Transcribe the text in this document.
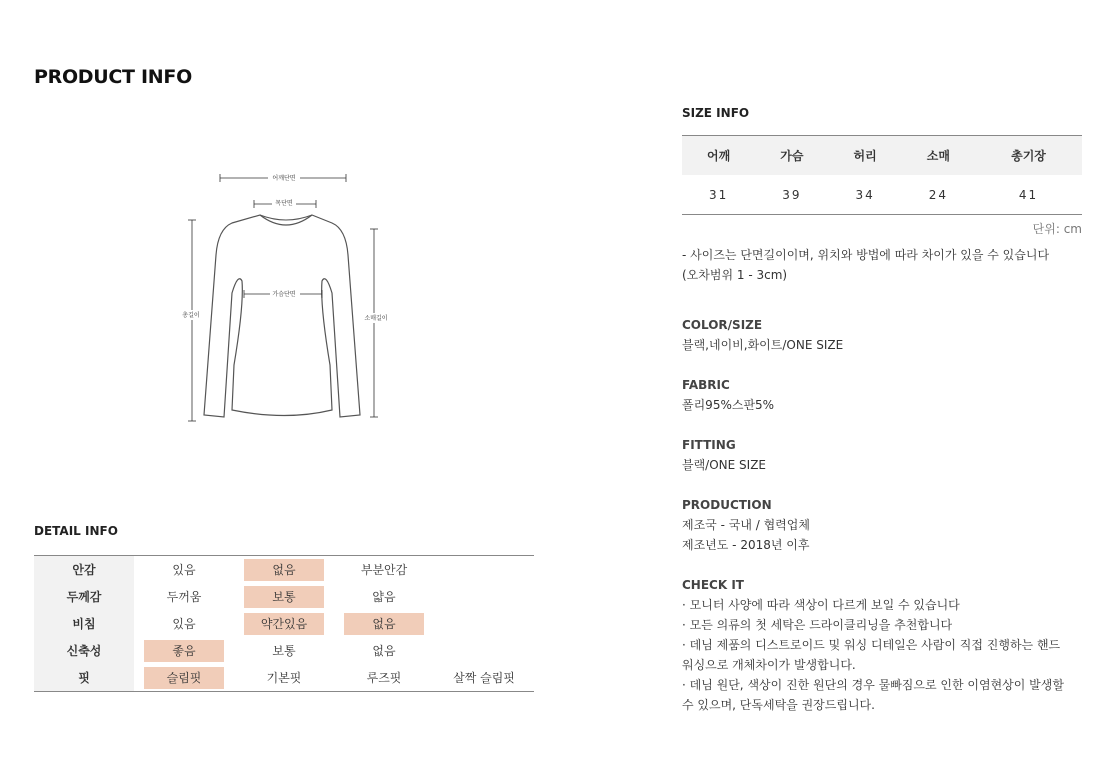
PRODUCT INFO
어깨단면
목단면
가슴단면
총길이	소매길이
DETAIL INFO
안감	있음	없음	부분안감	
두께감	두꺼움	보통	얇음	
비침	있음	약간있음	없음	
신축성	좋음	보통	없음	
핏	슬림핏	기본핏	루즈핏	살짝 슬림핏
SIZE INFO
어깨	가슴	허리	소매	총기장
31	39	34	24	41
단위: cm
- 사이즈는 단면길이이며, 위치와 방법에 따라 차이가 있을 수 있습니다
(오차범위 1 - 3cm)
COLOR/SIZE
블랙,네이비,화이트/ONE SIZE
FABRIC
폴리95%스판5%
FITTING
블랙/ONE SIZE
PRODUCTION
제조국 - 국내 / 협력업체
제조년도 - 2018년 이후
CHECK IT
· 모니터 사양에 따라 색상이 다르게 보일 수 있습니다
· 모든 의류의 첫 세탁은 드라이클리닝을 추천합니다
· 데님 제품의 디스트로이드 및 워싱 디테일은 사람이 직접 진행하는 핸드
워싱으로 개체차이가 발생합니다.
· 데님 원단, 색상이 진한 원단의 경우 물빠짐으로 인한 이염현상이 발생할
수 있으며, 단독세탁을 권장드립니다.
